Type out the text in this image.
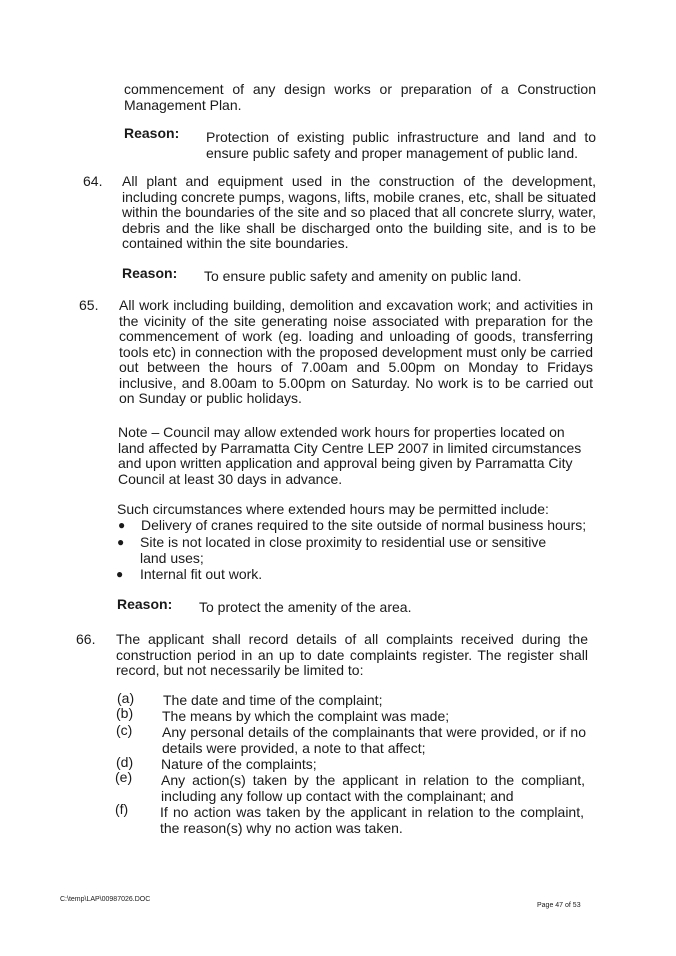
commencement of any design works or preparation of a Construction Management Plan.

Reason: Protection of existing public infrastructure and land and to ensure public safety and proper management of public land.

64. All plant and equipment used in the construction of the development, including concrete pumps, wagons, lifts, mobile cranes, etc, shall be situated within the boundaries of the site and so placed that all concrete slurry, water, debris and the like shall be discharged onto the building site, and is to be contained within the site boundaries.

Reason: To ensure public safety and amenity on public land.

65. All work including building, demolition and excavation work; and activities in the vicinity of the site generating noise associated with preparation for the commencement of work (eg. loading and unloading of goods, transferring tools etc) in connection with the proposed development must only be carried out between the hours of 7.00am and 5.00pm on Monday to Fridays inclusive, and 8.00am to 5.00pm on Saturday. No work is to be carried out on Sunday or public holidays.

Note – Council may allow extended work hours for properties located on land affected by Parramatta City Centre LEP 2007 in limited circumstances and upon written application and approval being given by Parramatta City Council at least 30 days in advance.

Such circumstances where extended hours may be permitted include:

● Delivery of cranes required to the site outside of normal business hours;

● Site is not located in close proximity to residential use or sensitive land uses;

● Internal fit out work.

Reason: To protect the amenity of the area.

66. The applicant shall record details of all complaints received during the construction period in an up to date complaints register. The register shall record, but not necessarily be limited to:

(a) The date and time of the complaint;

(b) The means by which the complaint was made;

(c) Any personal details of the complainants that were provided, or if no details were provided, a note to that affect;

(d) Nature of the complaints;

(e) Any action(s) taken by the applicant in relation to the compliant, including any follow up contact with the complainant; and

(f) If no action was taken by the applicant in relation to the complaint, the reason(s) why no action was taken.

C:\temp\LAP\00987026.DOC
Page 47 of 53
